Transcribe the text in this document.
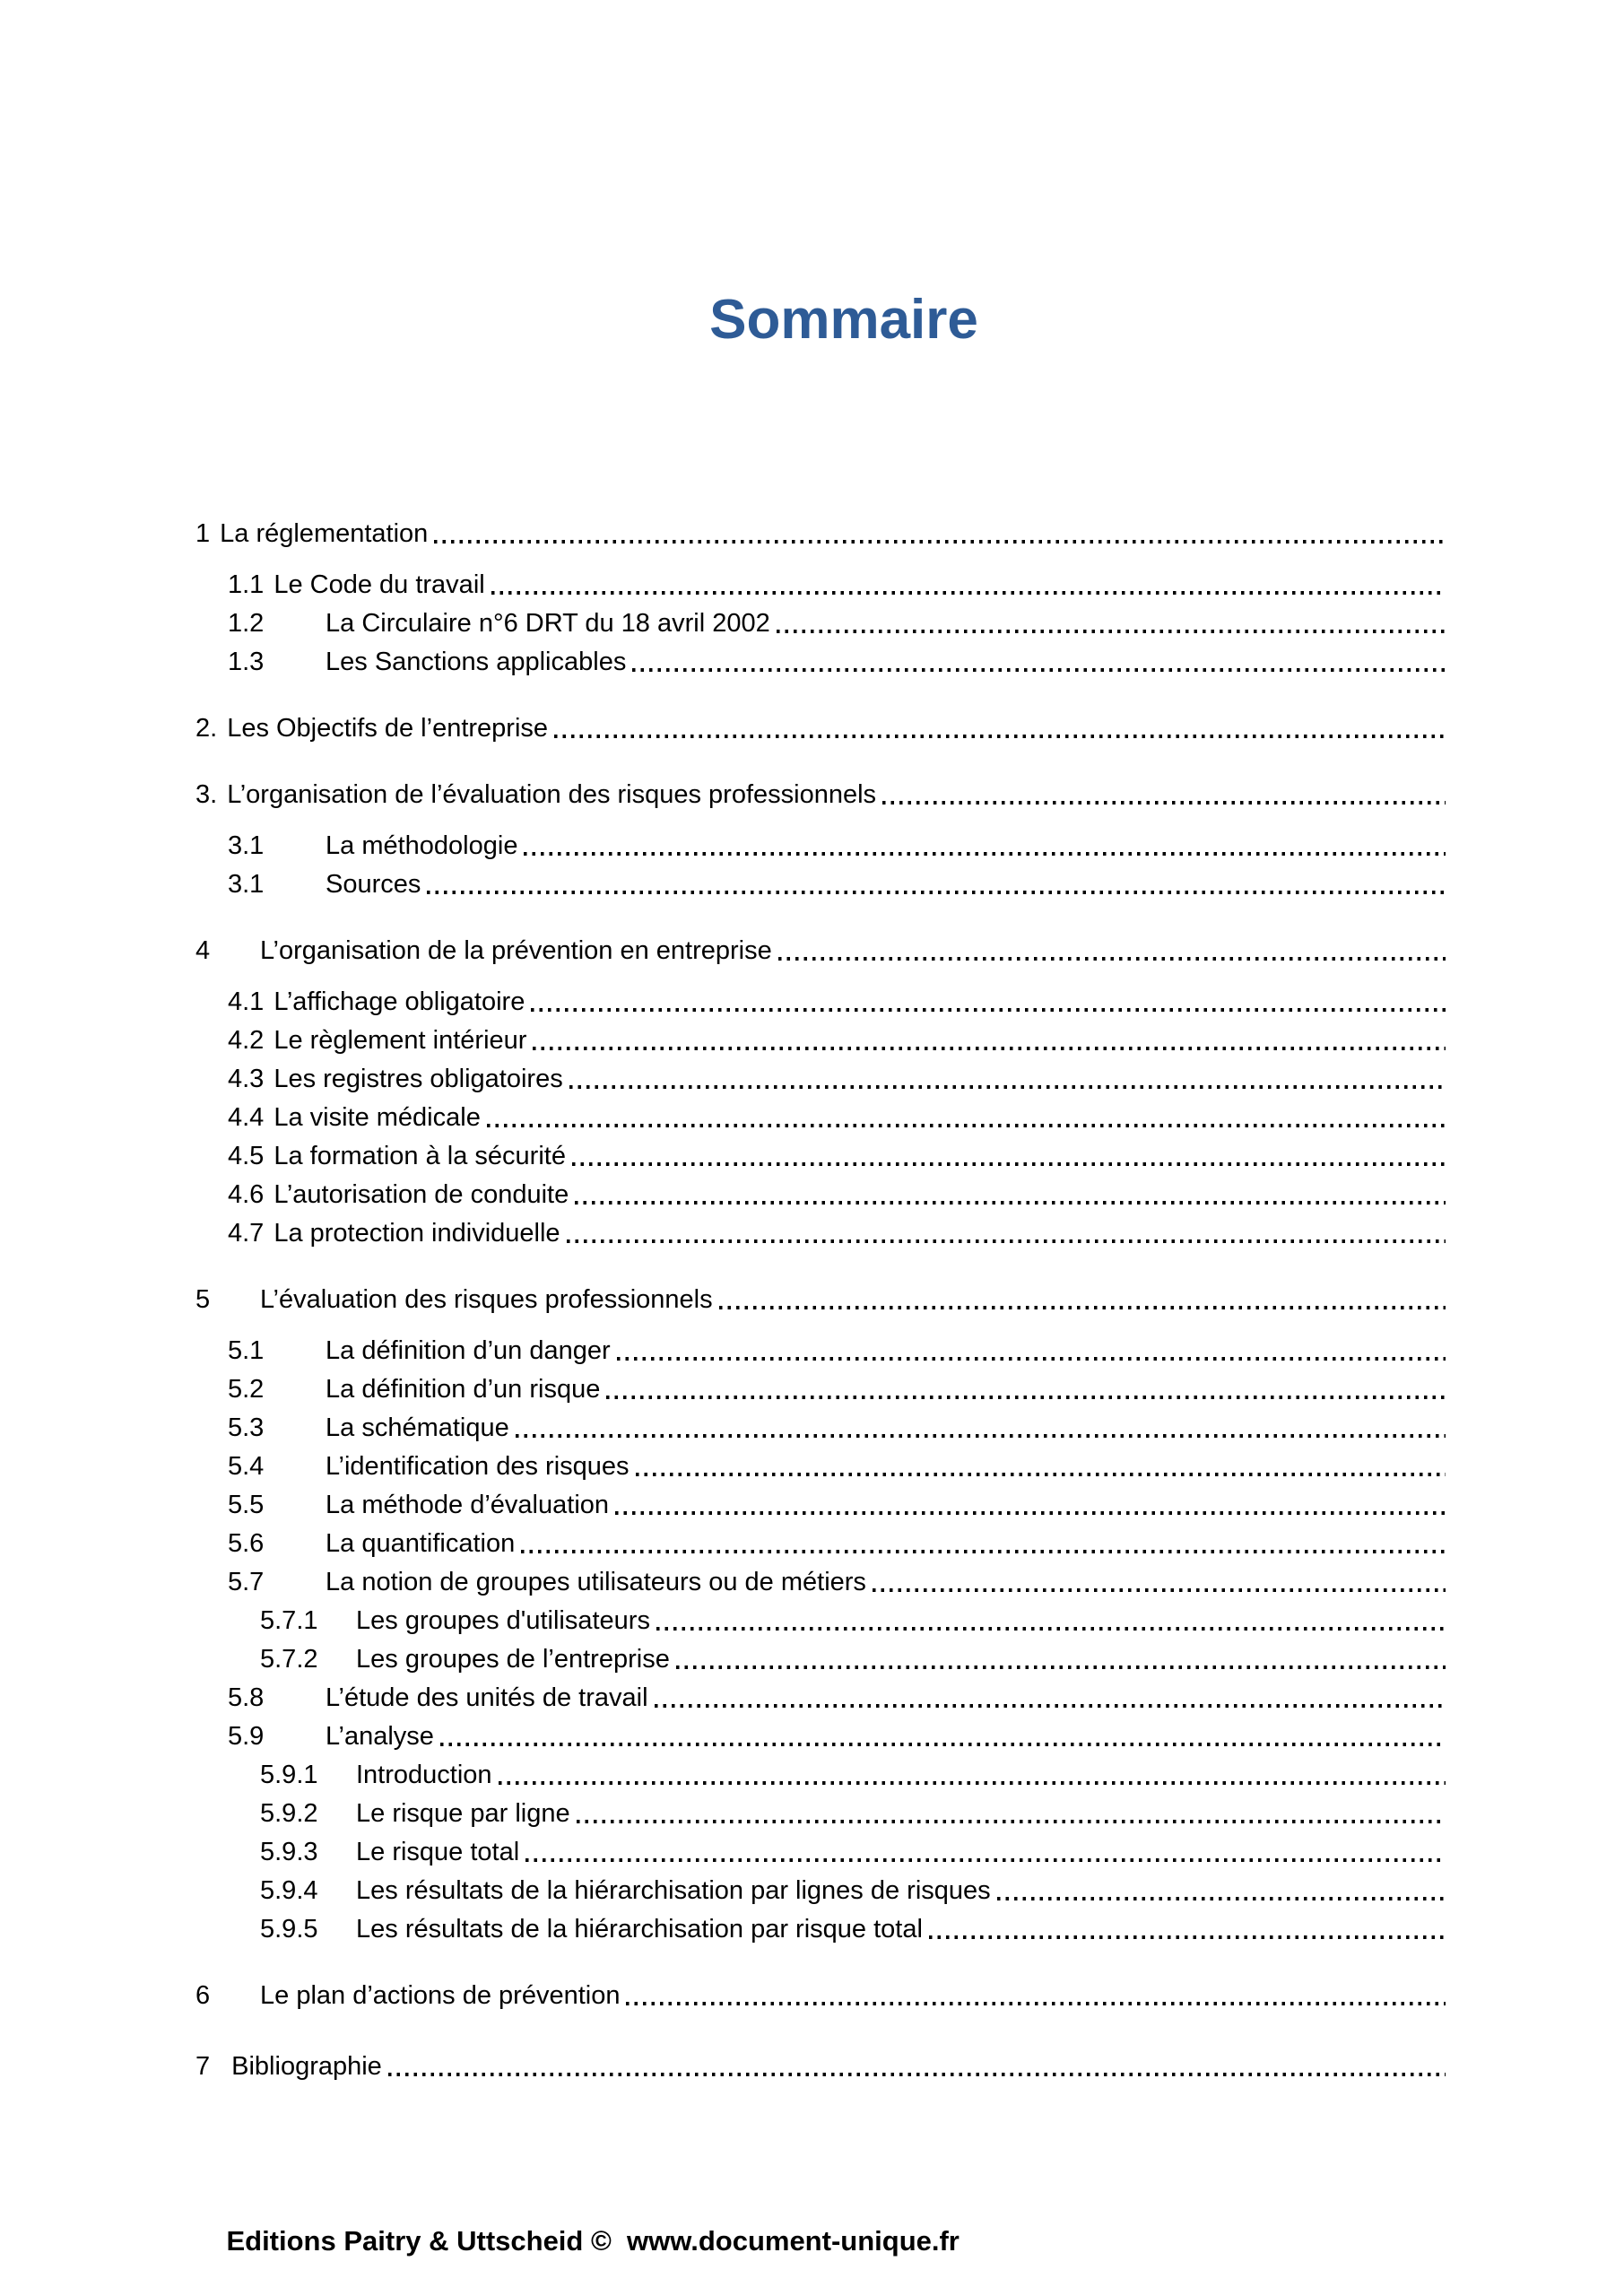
Sommaire
1 La réglementation
1.1 Le Code du travail
1.2	La Circulaire n°6 DRT du 18 avril 2002
1.3	Les Sanctions applicables
2. Les Objectifs de l’entreprise
3. L’organisation de l’évaluation des risques professionnels
3.1	La méthodologie
3.1	Sources
4	L’organisation de la prévention en entreprise
4.1 L’affichage obligatoire
4.2 Le règlement intérieur
4.3 Les registres obligatoires
4.4 La visite médicale
4.5 La formation à la sécurité
4.6 L’autorisation de conduite
4.7 La protection individuelle
5	L’évaluation des risques professionnels
5.1	La définition d’un danger
5.2	La définition d’un risque
5.3	La schématique
5.4	L’identification des risques
5.5	La méthode d’évaluation
5.6	La quantification
5.7	La notion de groupes utilisateurs ou de métiers
5.7.1	Les groupes d'utilisateurs
5.7.2	Les groupes de l’entreprise
5.8	L’étude des unités de travail
5.9	L’analyse
5.9.1	Introduction
5.9.2	Le risque par ligne
5.9.3	Le risque total
5.9.4	Les résultats de la hiérarchisation par lignes de risques
5.9.5	Les résultats de la hiérarchisation par risque total
6	Le plan d’actions de prévention
7 Bibliographie

Editions Paitry & Uttscheid ©  www.document-unique.fr
